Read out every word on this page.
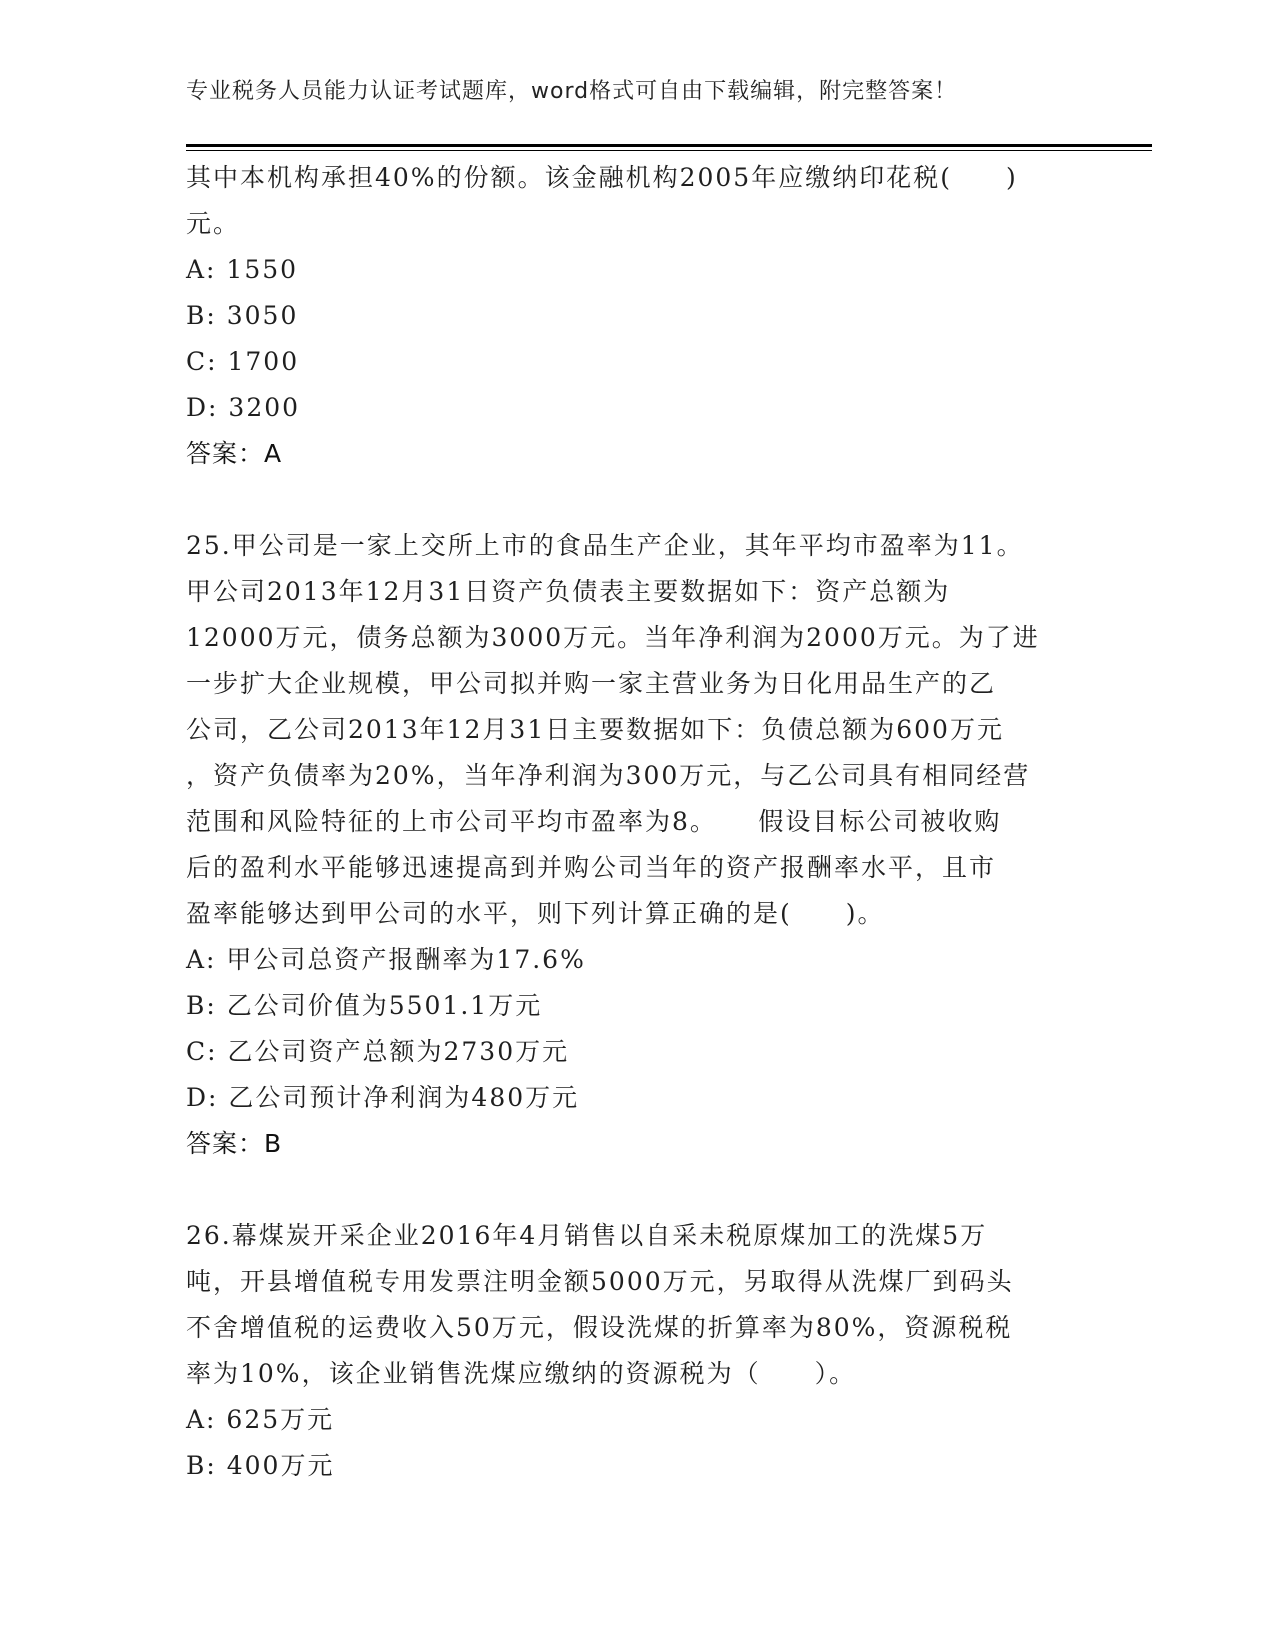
专业税务人员能力认证考试题库，word格式可自由下载编辑，附完整答案！
其中本机构承担40%的份额。该金融机构2005年应缴纳印花税(　　)
元。
A: 1550
B: 3050
C: 1700
D: 3200
答案：A
25.甲公司是一家上交所上市的食品生产企业，其年平均市盈率为11。
甲公司2013年12月31日资产负债表主要数据如下：资产总额为
12000万元，债务总额为3000万元。当年净利润为2000万元。为了进
一步扩大企业规模，甲公司拟并购一家主营业务为日化用品生产的乙
公司，乙公司2013年12月31日主要数据如下：负债总额为600万元
，资产负债率为20%，当年净利润为300万元，与乙公司具有相同经营
范围和风险特征的上市公司平均市盈率为8。　　假设目标公司被收购
后的盈利水平能够迅速提高到并购公司当年的资产报酬率水平，且市
盈率能够达到甲公司的水平，则下列计算正确的是(　　)。
A: 甲公司总资产报酬率为17.6%
B: 乙公司价值为5501.1万元
C: 乙公司资产总额为2730万元
D: 乙公司预计净利润为480万元
答案：B
26.幕煤炭开采企业2016年4月销售以自采未税原煤加工的洗煤5万
吨，开县增值税专用发票注明金额5000万元，另取得从洗煤厂到码头
不舍增值税的运费收入50万元，假设洗煤的折算率为80%，资源税税
率为10%，该企业销售洗煤应缴纳的资源税为（　　）。
A: 625万元
B: 400万元
